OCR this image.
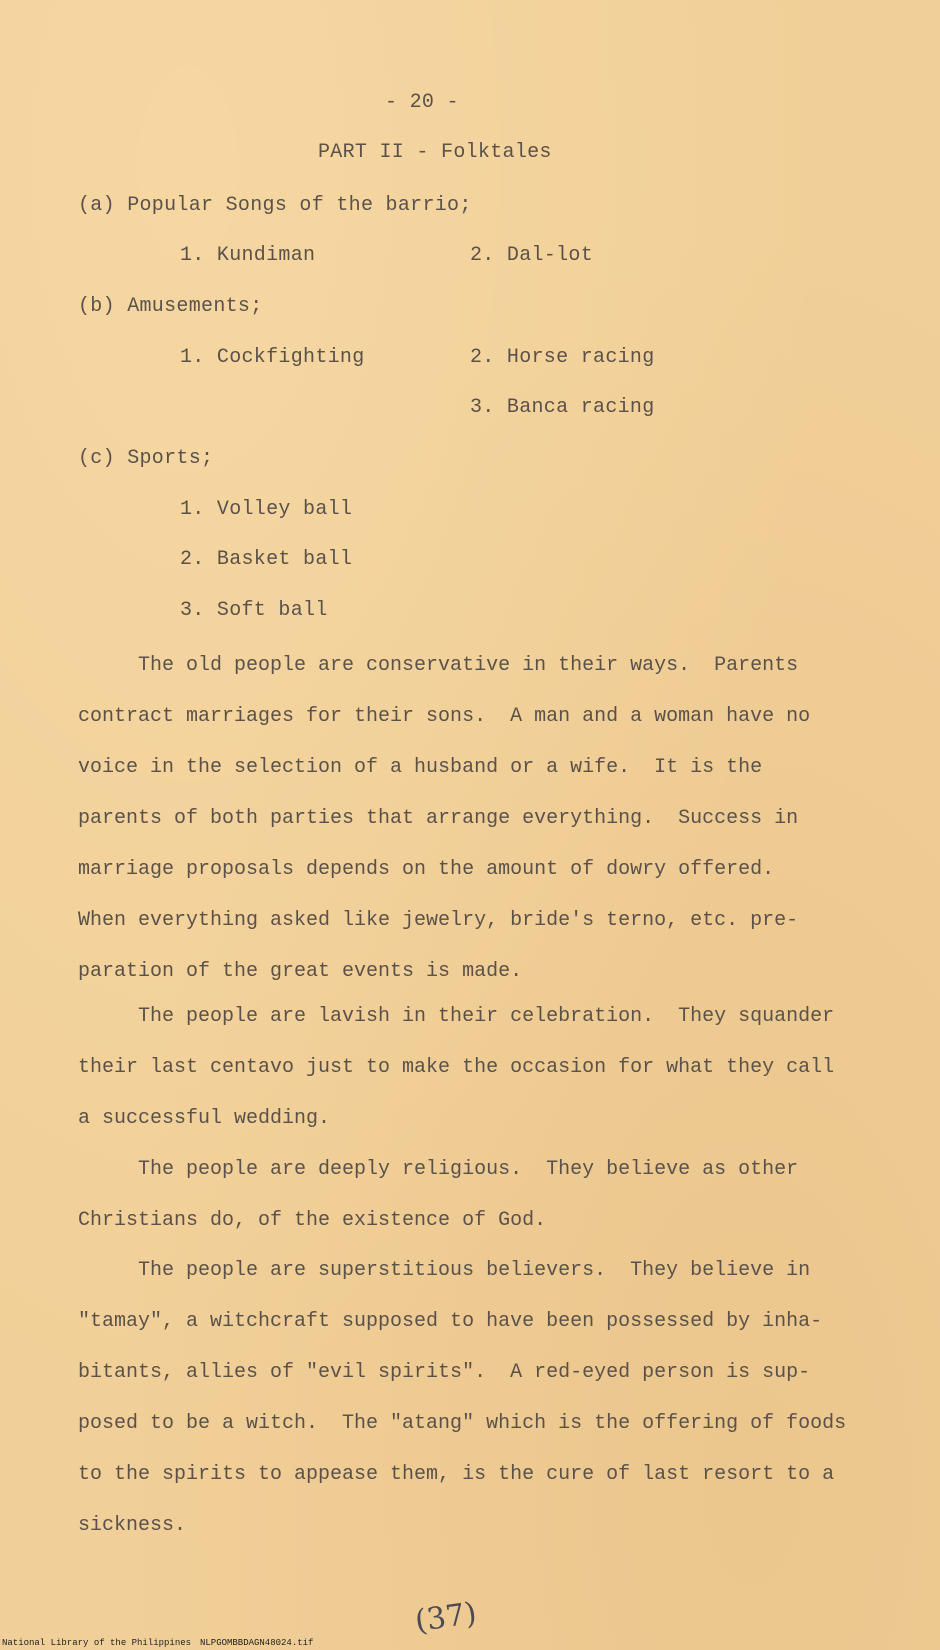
- 20 -
PART II - Folktales
(a) Popular Songs of the barrio;
1. Kundiman	2. Dal-lot
(b) Amusements;
1. Cockfighting	2. Horse racing
3. Banca racing
(c) Sports;
1. Volley ball
2. Basket ball
3. Soft ball
The old people are conservative in their ways.  Parents
contract marriages for their sons.  A man and a woman have no
voice in the selection of a husband or a wife.  It is the
parents of both parties that arrange everything.  Success in
marriage proposals depends on the amount of dowry offered.
When everything asked like jewelry, bride's terno, etc. pre-
paration of the great events is made.
The people are lavish in their celebration.  They squander
their last centavo just to make the occasion for what they call
a successful wedding.
The people are deeply religious.  They believe as other
Christians do, of the existence of God.
The people are superstitious believers.  They believe in
"tamay", a witchcraft supposed to have been possessed by inha-
bitants, allies of "evil spirits".  A red-eyed person is sup-
posed to be a witch.  The "atang" which is the offering of foods
to the spirits to appease them, is the cure of last resort to a
sickness.
(37)
National Library of the Philippines NLPGOMBBDAGN48024.tif
